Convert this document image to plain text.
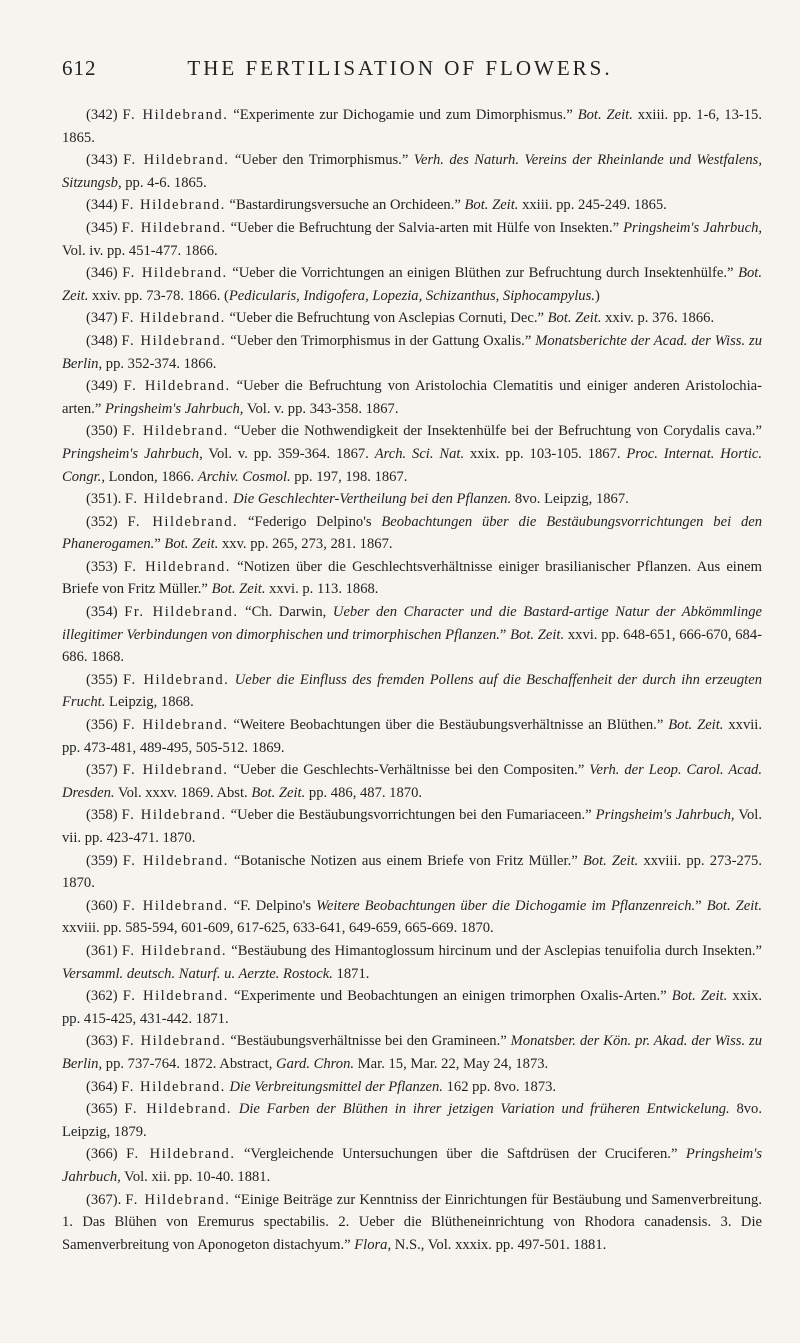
612	THE FERTILISATION OF FLOWERS.

(342) F. Hildebrand. “Experimente zur Dichogamie und zum Dimorphismus.” Bot. Zeit. xxiii. pp. 1-6, 13-15. 1865.

(343) F. Hildebrand. “Ueber den Trimorphismus.” Verh. des Naturh. Vereins der Rheinlande und Westfalens, Sitzungsb, pp. 4-6. 1865.

(344) F. Hildebrand. “Bastardirungsversuche an Orchideen.” Bot. Zeit. xxiii. pp. 245-249. 1865.

(345) F. Hildebrand. “Ueber die Befruchtung der Salvia-arten mit Hülfe von Insekten.” Pringsheim's Jahrbuch, Vol. iv. pp. 451-477. 1866.

(346) F. Hildebrand. “Ueber die Vorrichtungen an einigen Blüthen zur Befruchtung durch Insektenhülfe.” Bot. Zeit. xxiv. pp. 73-78. 1866. (Pedicularis, Indigofera, Lopezia, Schizanthus, Siphocampylus.)

(347) F. Hildebrand. “Ueber die Befruchtung von Asclepias Cornuti, Dec.” Bot. Zeit. xxiv. p. 376. 1866.

(348) F. Hildebrand. “Ueber den Trimorphismus in der Gattung Oxalis.” Monatsberichte der Acad. der Wiss. zu Berlin, pp. 352-374. 1866.

(349) F. Hildebrand. “Ueber die Befruchtung von Aristolochia Clematitis und einiger anderen Aristolochia-arten.” Pringsheim's Jahrbuch, Vol. v. pp. 343-358. 1867.

(350) F. Hildebrand. “Ueber die Nothwendigkeit der Insektenhülfe bei der Befruchtung von Corydalis cava.” Pringsheim's Jahrbuch, Vol. v. pp. 359-364. 1867. Arch. Sci. Nat. xxix. pp. 103-105. 1867. Proc. Internat. Hortic. Congr., London, 1866. Archiv. Cosmol. pp. 197, 198. 1867.

(351). F. Hildebrand. Die Geschlechter-Vertheilung bei den Pflanzen. 8vo. Leipzig, 1867.

(352) F. Hildebrand. “Federigo Delpino's Beobachtungen über die Bestäubungsvorrichtungen bei den Phanerogamen.” Bot. Zeit. xxv. pp. 265, 273, 281. 1867.

(353) F. Hildebrand. “Notizen über die Geschlechtsverhältnisse einiger brasilianischer Pflanzen. Aus einem Briefe von Fritz Müller.” Bot. Zeit. xxvi. p. 113. 1868.

(354) Fr. Hildebrand. “Ch. Darwin, Ueber den Character und die Bastard-artige Natur der Abkömmlinge illegitimer Verbindungen von dimorphischen und trimorphischen Pflanzen.” Bot. Zeit. xxvi. pp. 648-651, 666-670, 684-686. 1868.

(355) F. Hildebrand. Ueber die Einfluss des fremden Pollens auf die Beschaffenheit der durch ihn erzeugten Frucht. Leipzig, 1868.

(356) F. Hildebrand. “Weitere Beobachtungen über die Bestäubungsverhältnisse an Blüthen.” Bot. Zeit. xxvii. pp. 473-481, 489-495, 505-512. 1869.

(357) F. Hildebrand. “Ueber die Geschlechts-Verhältnisse bei den Compositen.” Verh. der Leop. Carol. Acad. Dresden. Vol. xxxv. 1869. Abst. Bot. Zeit. pp. 486, 487. 1870.

(358) F. Hildebrand. “Ueber die Bestäubungsvorrichtungen bei den Fumariaceen.” Pringsheim's Jahrbuch, Vol. vii. pp. 423-471. 1870.

(359) F. Hildebrand. “Botanische Notizen aus einem Briefe von Fritz Müller.” Bot. Zeit. xxviii. pp. 273-275. 1870.

(360) F. Hildebrand. “F. Delpino's Weitere Beobachtungen über die Dichogamie im Pflanzenreich.” Bot. Zeit. xxviii. pp. 585-594, 601-609, 617-625, 633-641, 649-659, 665-669. 1870.

(361) F. Hildebrand. “Bestäubung des Himantoglossum hircinum und der Asclepias tenuifolia durch Insekten.” Versamml. deutsch. Naturf. u. Aerzte. Rostock. 1871.

(362) F. Hildebrand. “Experimente und Beobachtungen an einigen trimorphen Oxalis-Arten.” Bot. Zeit. xxix. pp. 415-425, 431-442. 1871.

(363) F. Hildebrand. “Bestäubungsverhältnisse bei den Gramineen.” Monatsber. der Kön. pr. Akad. der Wiss. zu Berlin, pp. 737-764. 1872. Abstract, Gard. Chron. Mar. 15, Mar. 22, May 24, 1873.

(364) F. Hildebrand. Die Verbreitungsmittel der Pflanzen. 162 pp. 8vo. 1873.

(365) F. Hildebrand. Die Farben der Blüthen in ihrer jetzigen Variation und früheren Entwickelung. 8vo. Leipzig, 1879.

(366) F. Hildebrand. “Vergleichende Untersuchungen über die Saftdrüsen der Cruciferen.” Pringsheim's Jahrbuch, Vol. xii. pp. 10-40. 1881.

(367). F. Hildebrand. “Einige Beiträge zur Kenntniss der Einrichtungen für Bestäubung und Samenverbreitung. 1. Das Blühen von Eremurus spectabilis. 2. Ueber die Blütheneinrichtung von Rhodora canadensis. 3. Die Samenverbreitung von Aponogeton distachyum.” Flora, N.S., Vol. xxxix. pp. 497-501. 1881.
